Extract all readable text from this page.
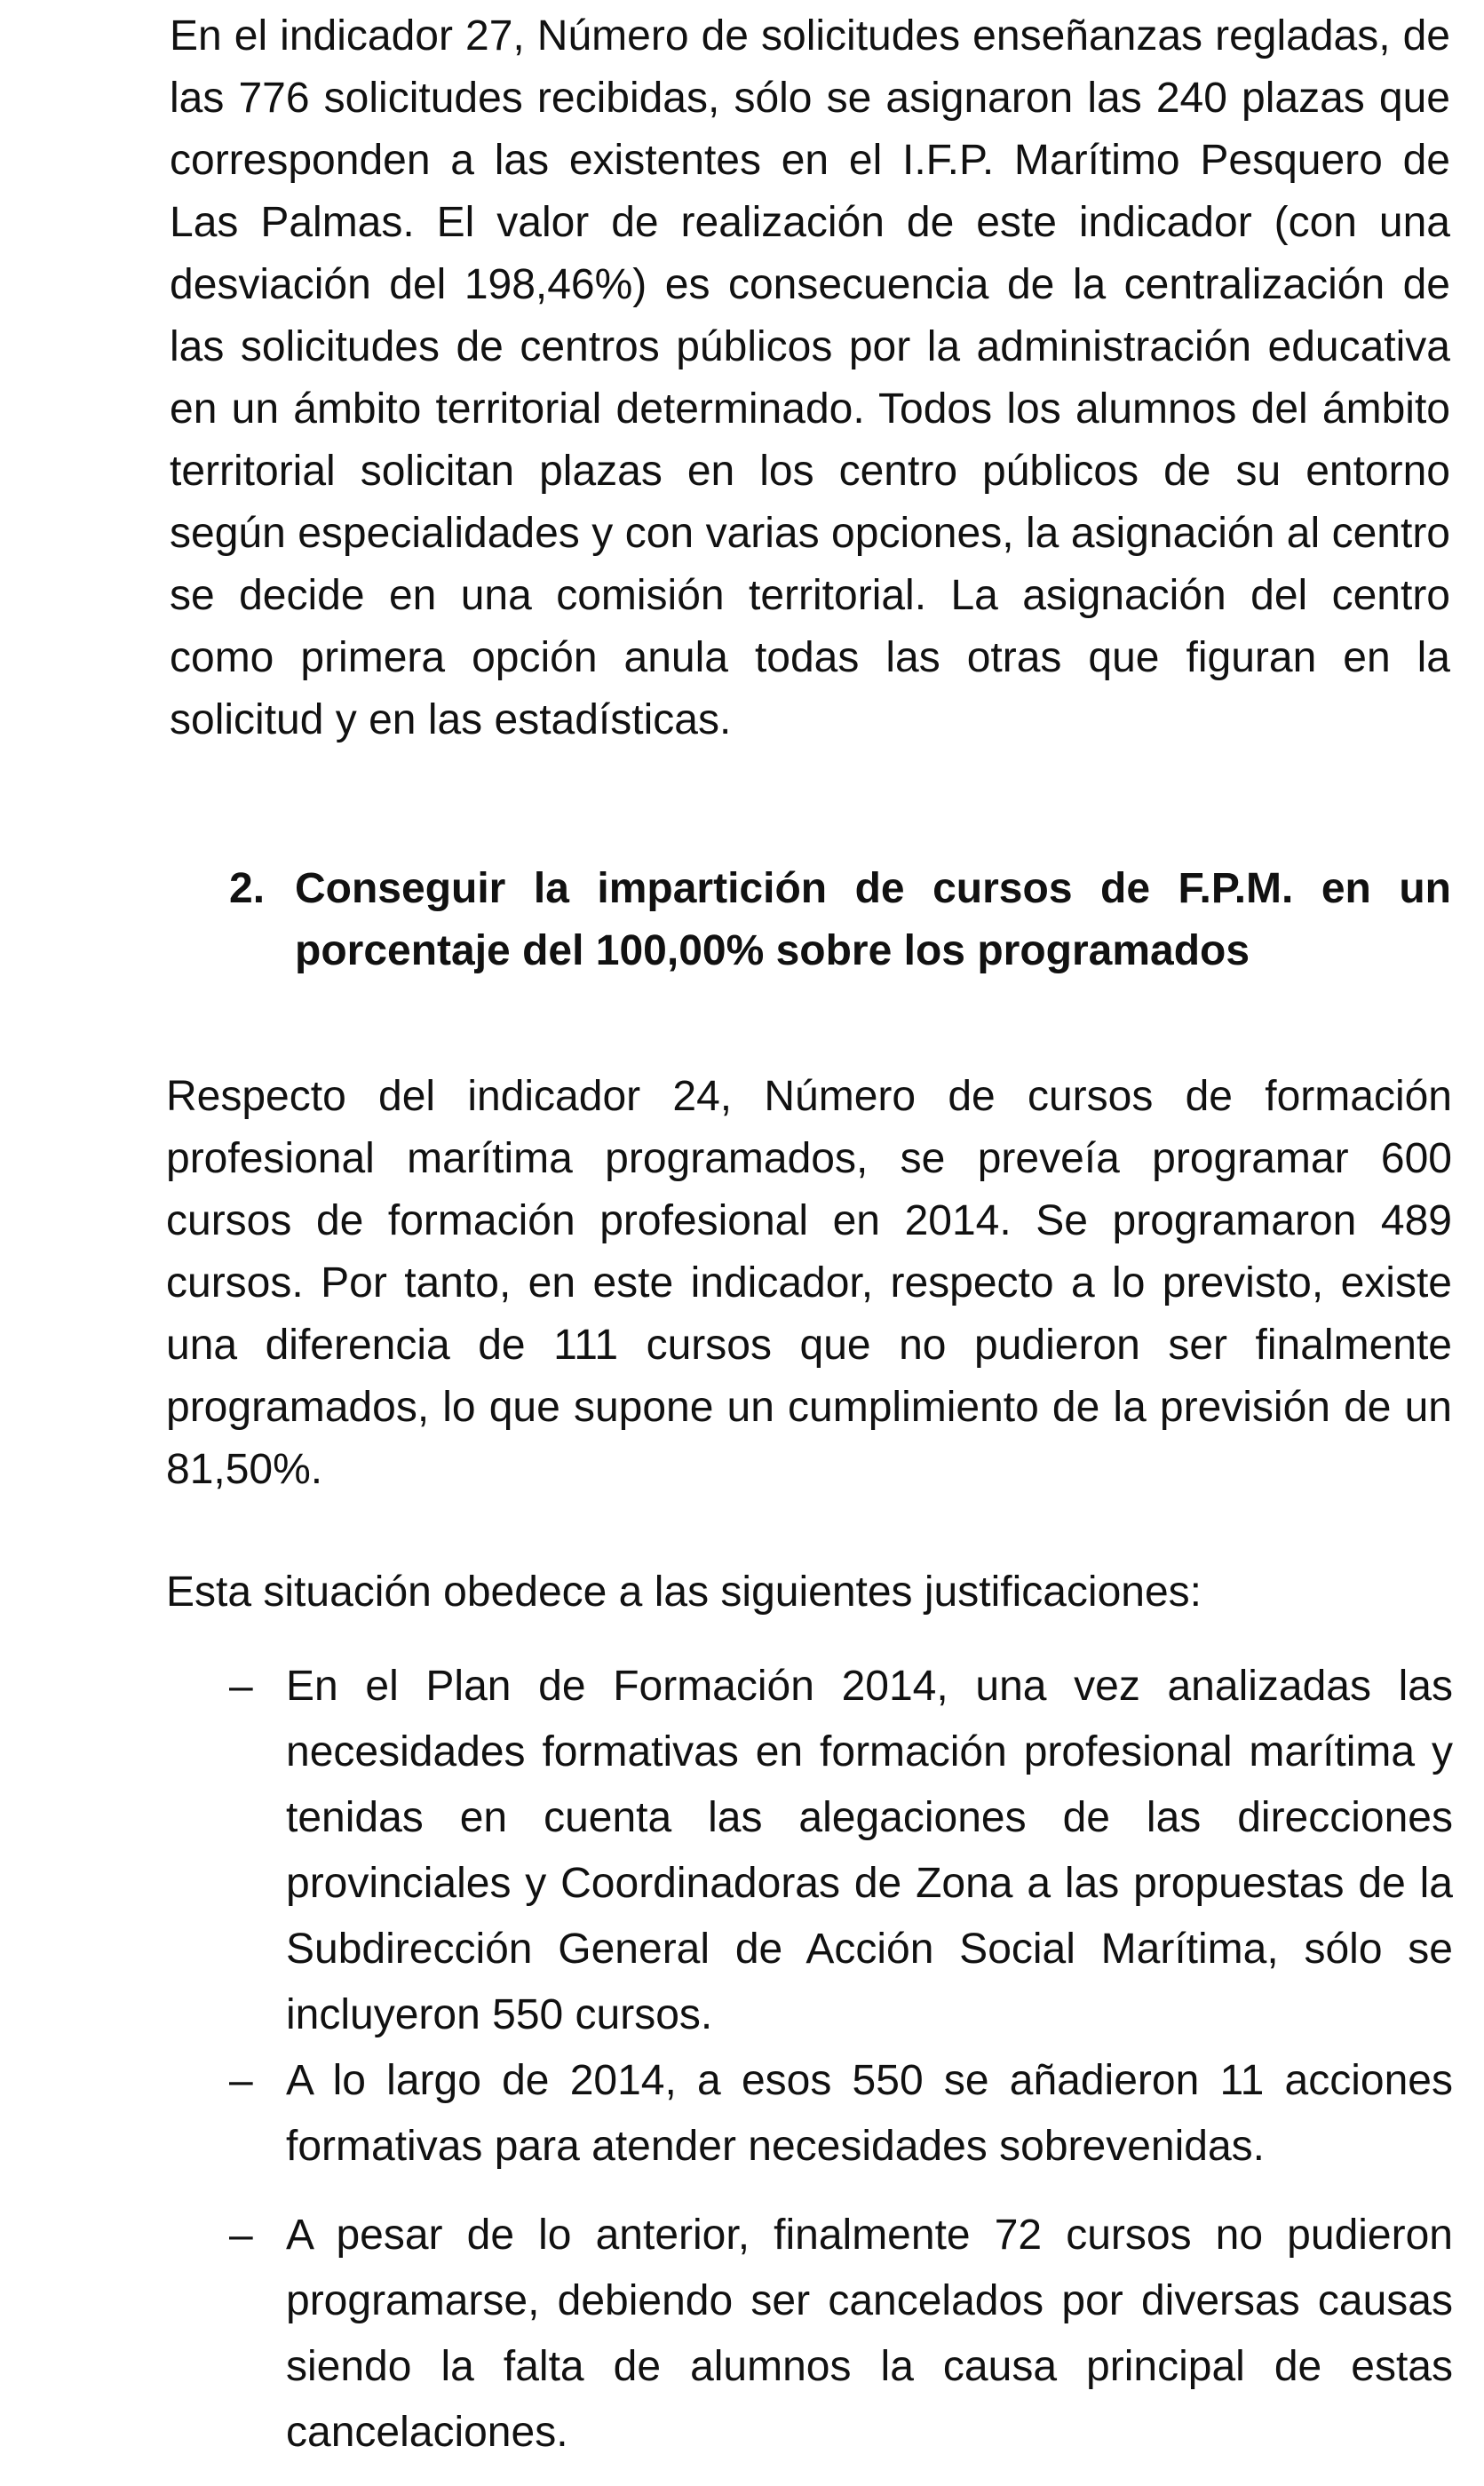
En el indicador 27, Número de solicitudes enseñanzas regladas, de las 776 solicitudes recibidas, sólo se asignaron las 240 plazas que corresponden a las existentes en el I.F.P. Marítimo Pesquero de Las Palmas. El valor de realización de este indicador (con una desviación del 198,46%) es consecuencia de la centralización de las solicitudes de centros públicos por la administración educativa en un ámbito territorial determinado. Todos los alumnos del ámbito territorial solicitan plazas en los centro públicos de su entorno según especialidades y con varias opciones, la asignación al centro se decide en una comisión territorial. La asignación del centro como primera opción anula todas las otras que figuran en la solicitud y en las estadísticas.

2. Conseguir la impartición de cursos de F.P.M. en un porcentaje del 100,00% sobre los programados

Respecto del indicador 24, Número de cursos de formación profesional marítima programados, se preveía programar 600 cursos de formación profesional en 2014. Se programaron 489 cursos. Por tanto, en este indicador, respecto a lo previsto, existe una diferencia de 111 cursos que no pudieron ser finalmente programados, lo que supone un cumplimiento de la previsión de un 81,50%.

Esta situación obedece a las siguientes justificaciones:

– En el Plan de Formación 2014, una vez analizadas las necesidades formativas en formación profesional marítima y tenidas en cuenta las alegaciones de las direcciones provinciales y Coordinadoras de Zona a las propuestas de la Subdirección General de Acción Social Marítima, sólo se incluyeron 550 cursos.
– A lo largo de 2014, a esos 550 se añadieron 11 acciones formativas para atender necesidades sobrevenidas.
– A pesar de lo anterior, finalmente 72 cursos no pudieron programarse, debiendo ser cancelados por diversas causas siendo la falta de alumnos la causa principal de estas cancelaciones.
